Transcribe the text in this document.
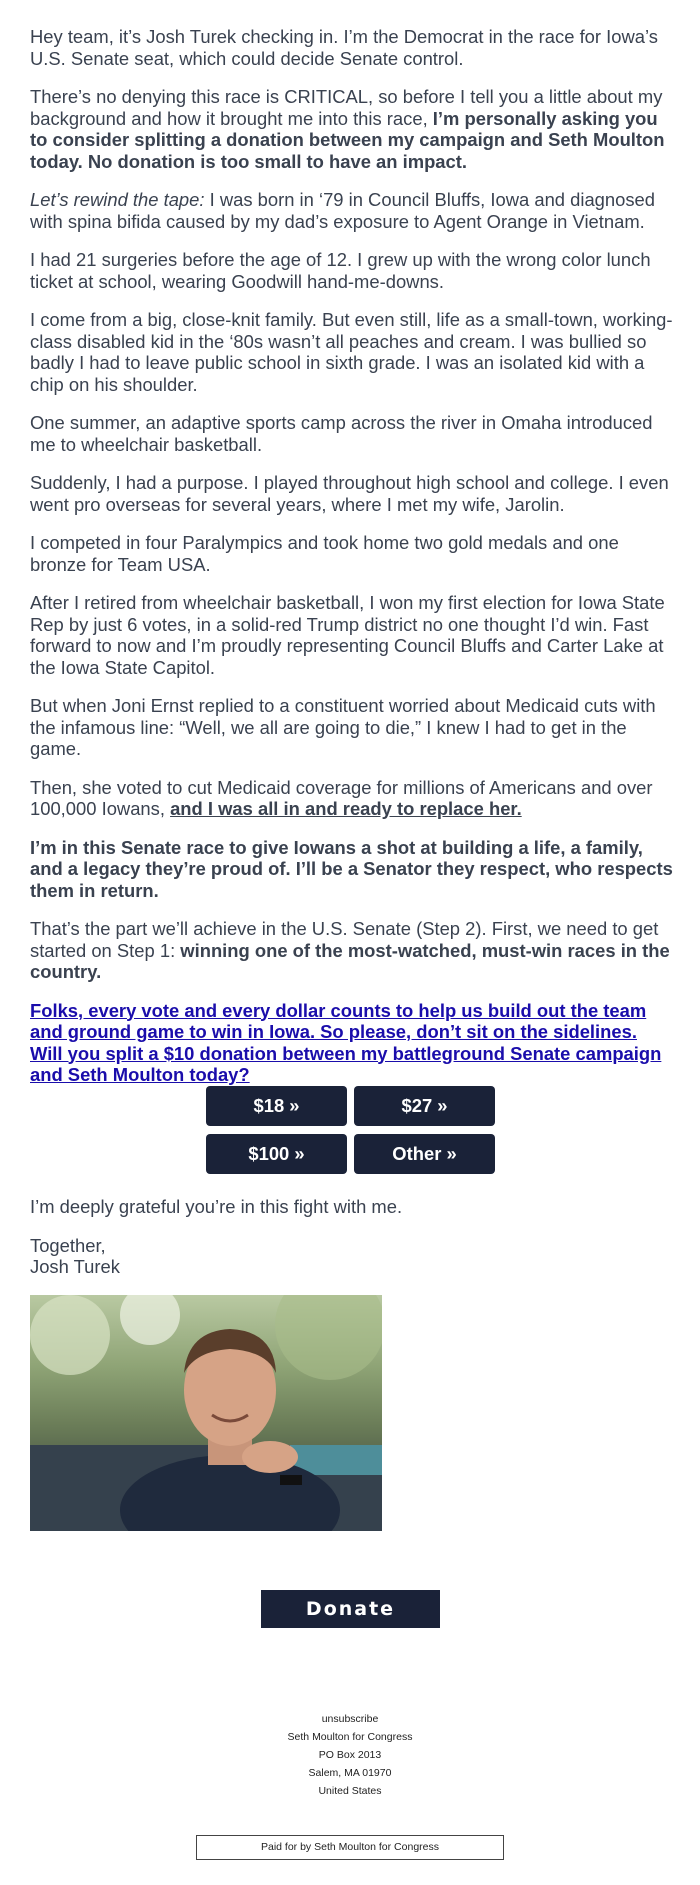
Hey team, it’s Josh Turek checking in. I’m the Democrat in the race for Iowa’s U.S. Senate seat, which could decide Senate control.

There’s no denying this race is CRITICAL, so before I tell you a little about my background and how it brought me into this race, I’m personally asking you to consider splitting a donation between my campaign and Seth Moulton today. No donation is too small to have an impact.

Let’s rewind the tape: I was born in ‘79 in Council Bluffs, Iowa and diagnosed with spina bifida caused by my dad’s exposure to Agent Orange in Vietnam.

I had 21 surgeries before the age of 12. I grew up with the wrong color lunch ticket at school, wearing Goodwill hand-me-downs.

I come from a big, close-knit family. But even still, life as a small-town, working-class disabled kid in the ‘80s wasn’t all peaches and cream. I was bullied so badly I had to leave public school in sixth grade. I was an isolated kid with a chip on his shoulder.

One summer, an adaptive sports camp across the river in Omaha introduced me to wheelchair basketball.

Suddenly, I had a purpose. I played throughout high school and college. I even went pro overseas for several years, where I met my wife, Jarolin.

I competed in four Paralympics and took home two gold medals and one bronze for Team USA.

After I retired from wheelchair basketball, I won my first election for Iowa State Rep by just 6 votes, in a solid-red Trump district no one thought I’d win. Fast forward to now and I’m proudly representing Council Bluffs and Carter Lake at the Iowa State Capitol.

But when Joni Ernst replied to a constituent worried about Medicaid cuts with the infamous line: “Well, we all are going to die,” I knew I had to get in the game.

Then, she voted to cut Medicaid coverage for millions of Americans and over 100,000 Iowans, and I was all in and ready to replace her.

I’m in this Senate race to give Iowans a shot at building a life, a family, and a legacy they’re proud of. I’ll be a Senator they respect, who respects them in return.

That’s the part we’ll achieve in the U.S. Senate (Step 2). First, we need to get started on Step 1: winning one of the most-watched, must-win races in the country.

Folks, every vote and every dollar counts to help us build out the team and ground game to win in Iowa. So please, don’t sit on the sidelines. Will you split a $10 donation between my battleground Senate campaign and Seth Moulton today?
$18 »	$27 »
$100 »	Other »

I’m deeply grateful you’re in this fight with me.

Together,
Josh Turek

Donate
unsubscribe
Seth Moulton for Congress
PO Box 2013
Salem, MA 01970
United States
Paid for by Seth Moulton for Congress
